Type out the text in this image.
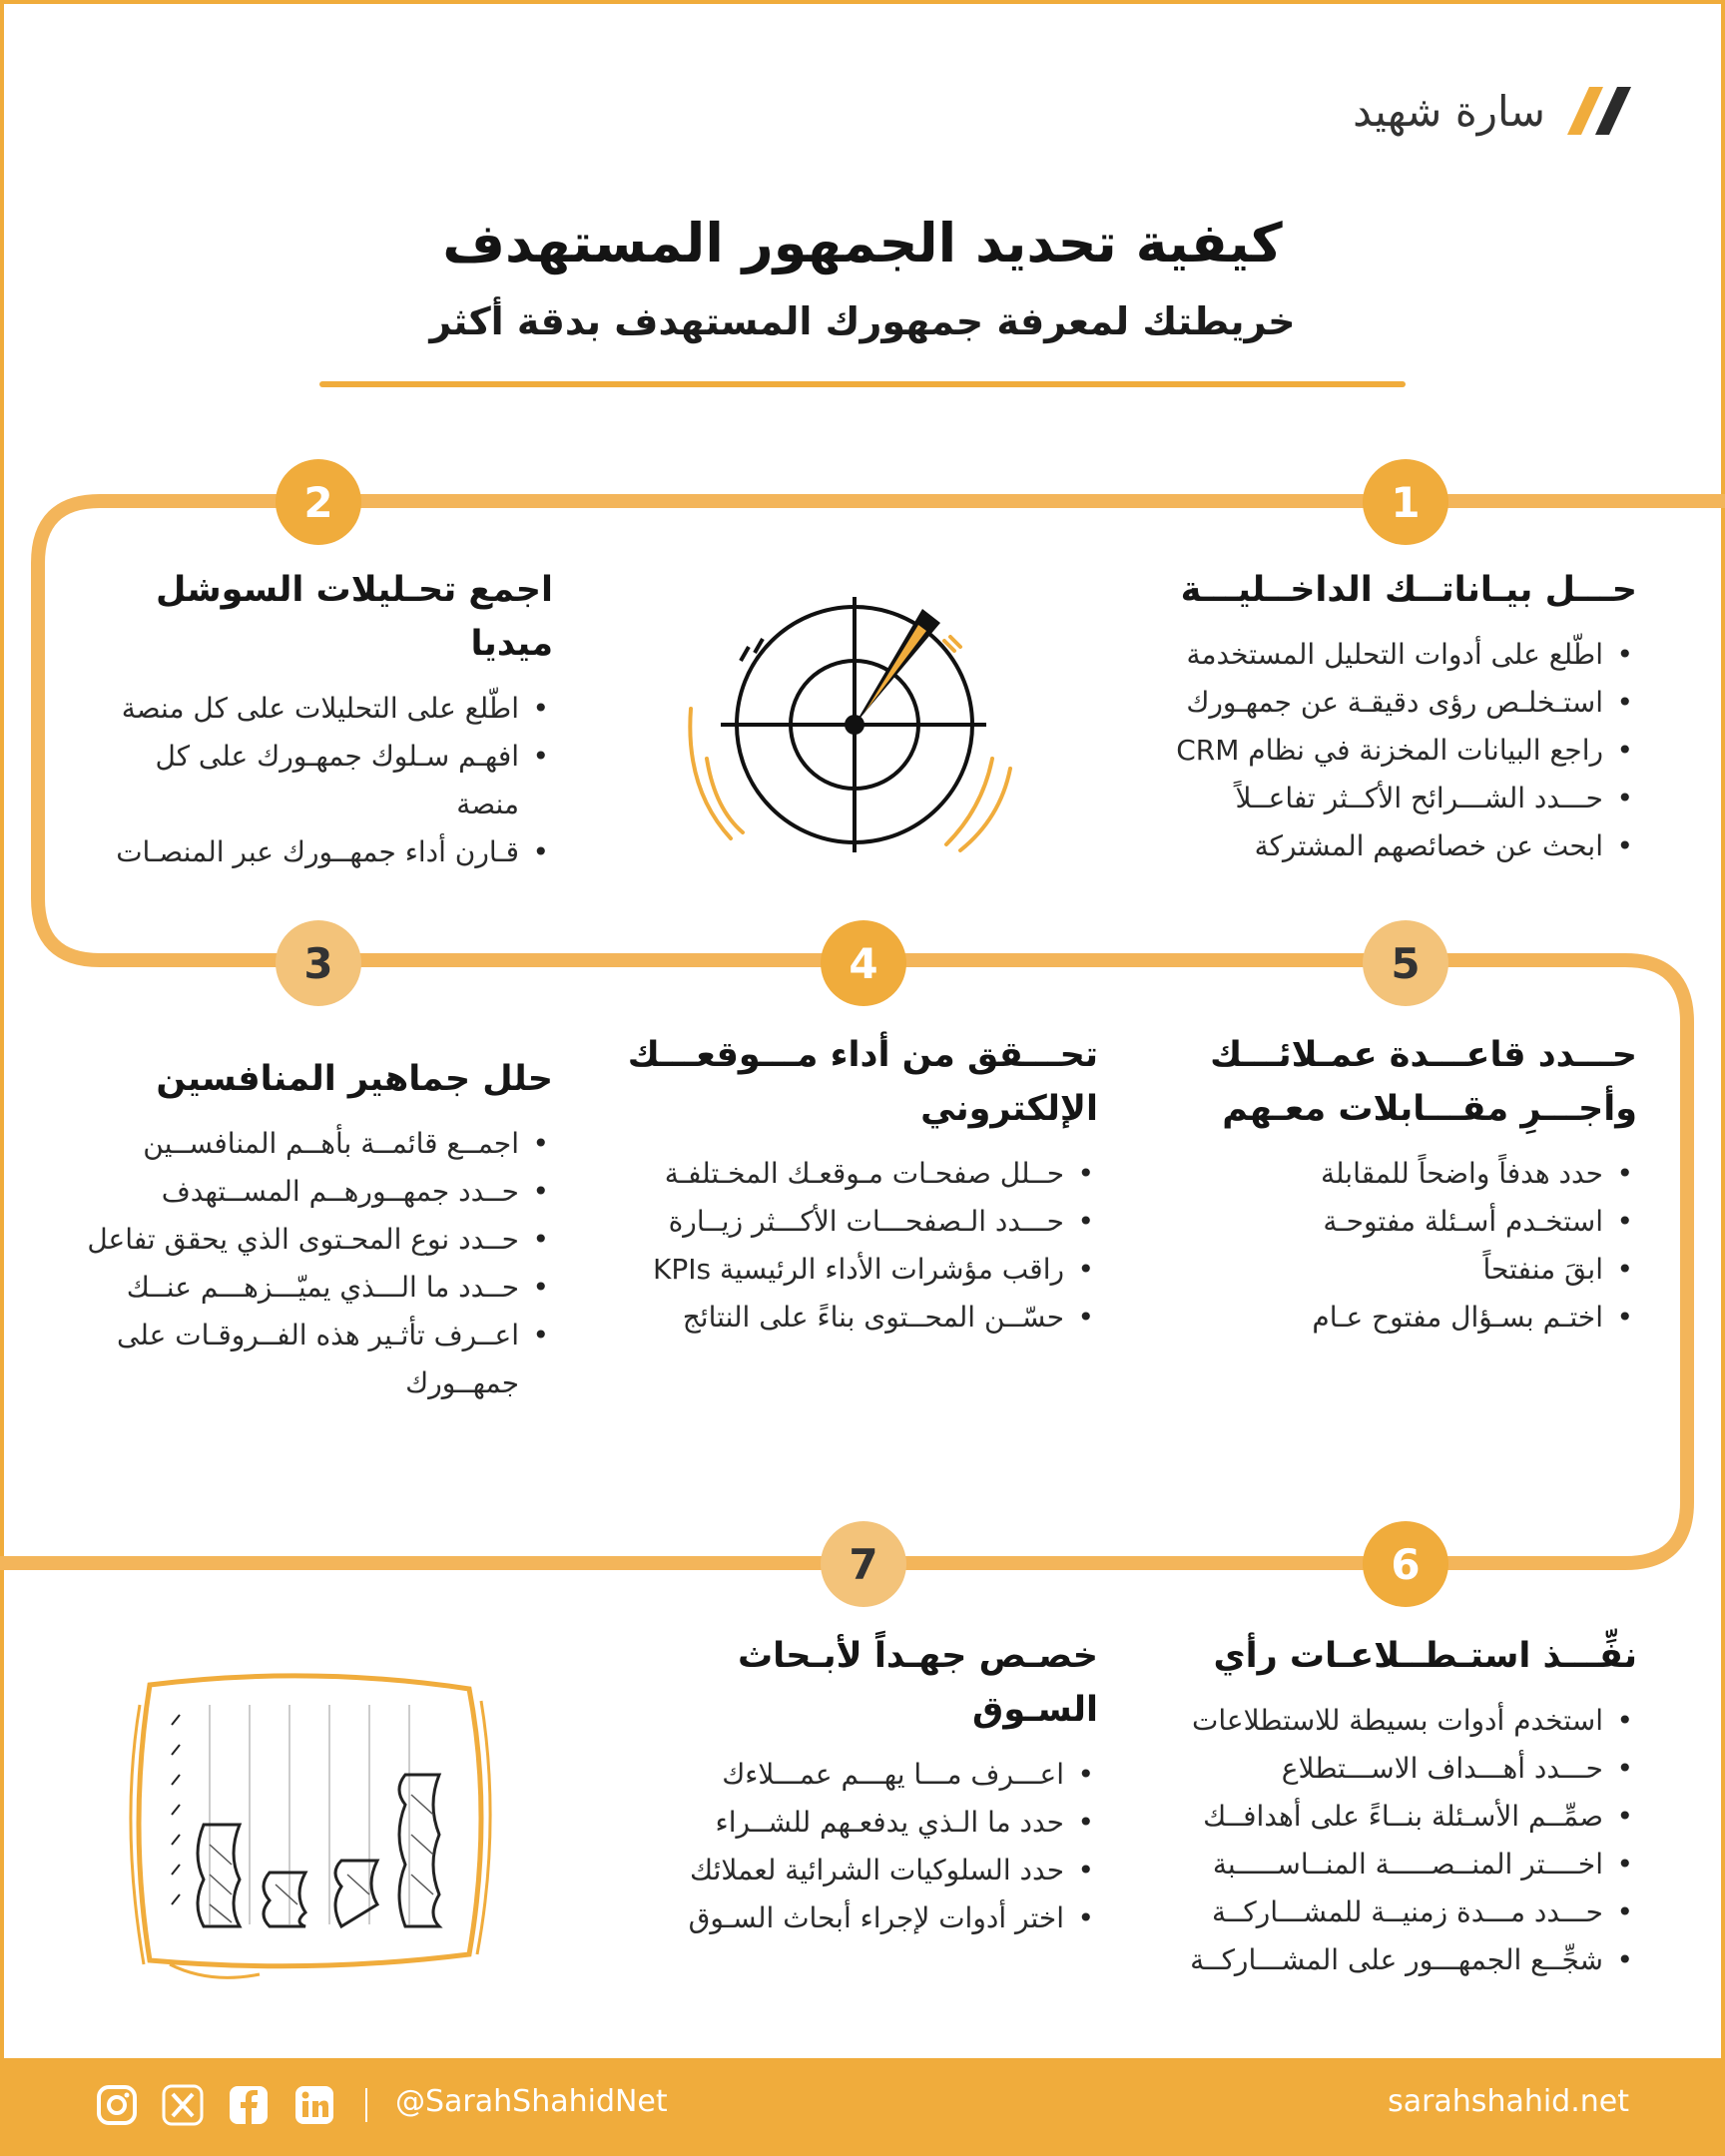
سارة شهيد
كيفية تحديد الجمهور المستهدف
خريطتك لمعرفة جمهورك المستهدف بدقة أكثر
1
2
3	4	5
6
7
حـــل بيـاناتــك الداخــليـــة
• اطّلع على أدوات التحليل المستخدمة
• استـخلـص رؤى دقيقـة عن جمهـورك
• راجع البيانات المخزنة في نظام CRM
• حـــدد الشـــرائح الأكــثر تفاعــلاً
• ابحث عن خصائصهم المشتركة
اجمع تحـليلات السوشل ميديا
• اطّلع على التحليلات على كل منصة
• افهـم سـلوك جمهـورك على كل منصة
• قـارن أداء جمهــورك عبر المنصـات
حـــدد قاعـــدة عمـلائـــك وأجـــرِ مقـــابلات معـهم
• حدد هدفاً واضحاً للمقابلة
• استخـدم أسـئلة مفتوحـة
• ابقَ منفتحاً
• اختـم بسـؤال مفتوح عـام
تحـــقق من أداء مـــوقعـــك الإلكتروني
• حــلل صفحـات مـوقعـك المخـتلفـة
• حـــدد الـصفحـــات الأكـــثر زيــارة
• راقب مؤشرات الأداء الرئيسية KPIs
• حسّــن المحــتوى بناءً على النتائج
حلل جماهير المنافسين
• اجمــع قائمــة بأهــم المنافســين
• حــدد جمهــورهــم المســتهدف
• حــدد نوع المحـتوى الذي يحقق تفاعل
• حــدد ما الـــذي يميّـــزهـــم عنــك
• اعــرف تأثـير هذه الفــروقـات على جمهــورك
نفِّـــذ استـطــلاعـات رأي
• استخدم أدوات بسيطة للاستطلاعات
• حـــدد أهـــداف الاســـتطلاع
• صمِّــم الأسـئلة بنــاءً على أهدافــك
• اخــــتر المنــصـــــة المنــاســـــبة
• حـــدد مـــدة زمنيــة للمشـــاركــة
• شجِّــع الجمهـــور على المشـــاركــة
خصـص جهـداً لأبـحاث السـوق
• اعـــرف مـــا يهـــم عمـــلاءك
• حدد ما الـذي يدفعـهم للشــراء
• حدد السلوكيات الشرائية لعملائك
• اختر أدوات لإجراء أبحاث السـوق
@SarahShahidNet	sarahshahid.net
